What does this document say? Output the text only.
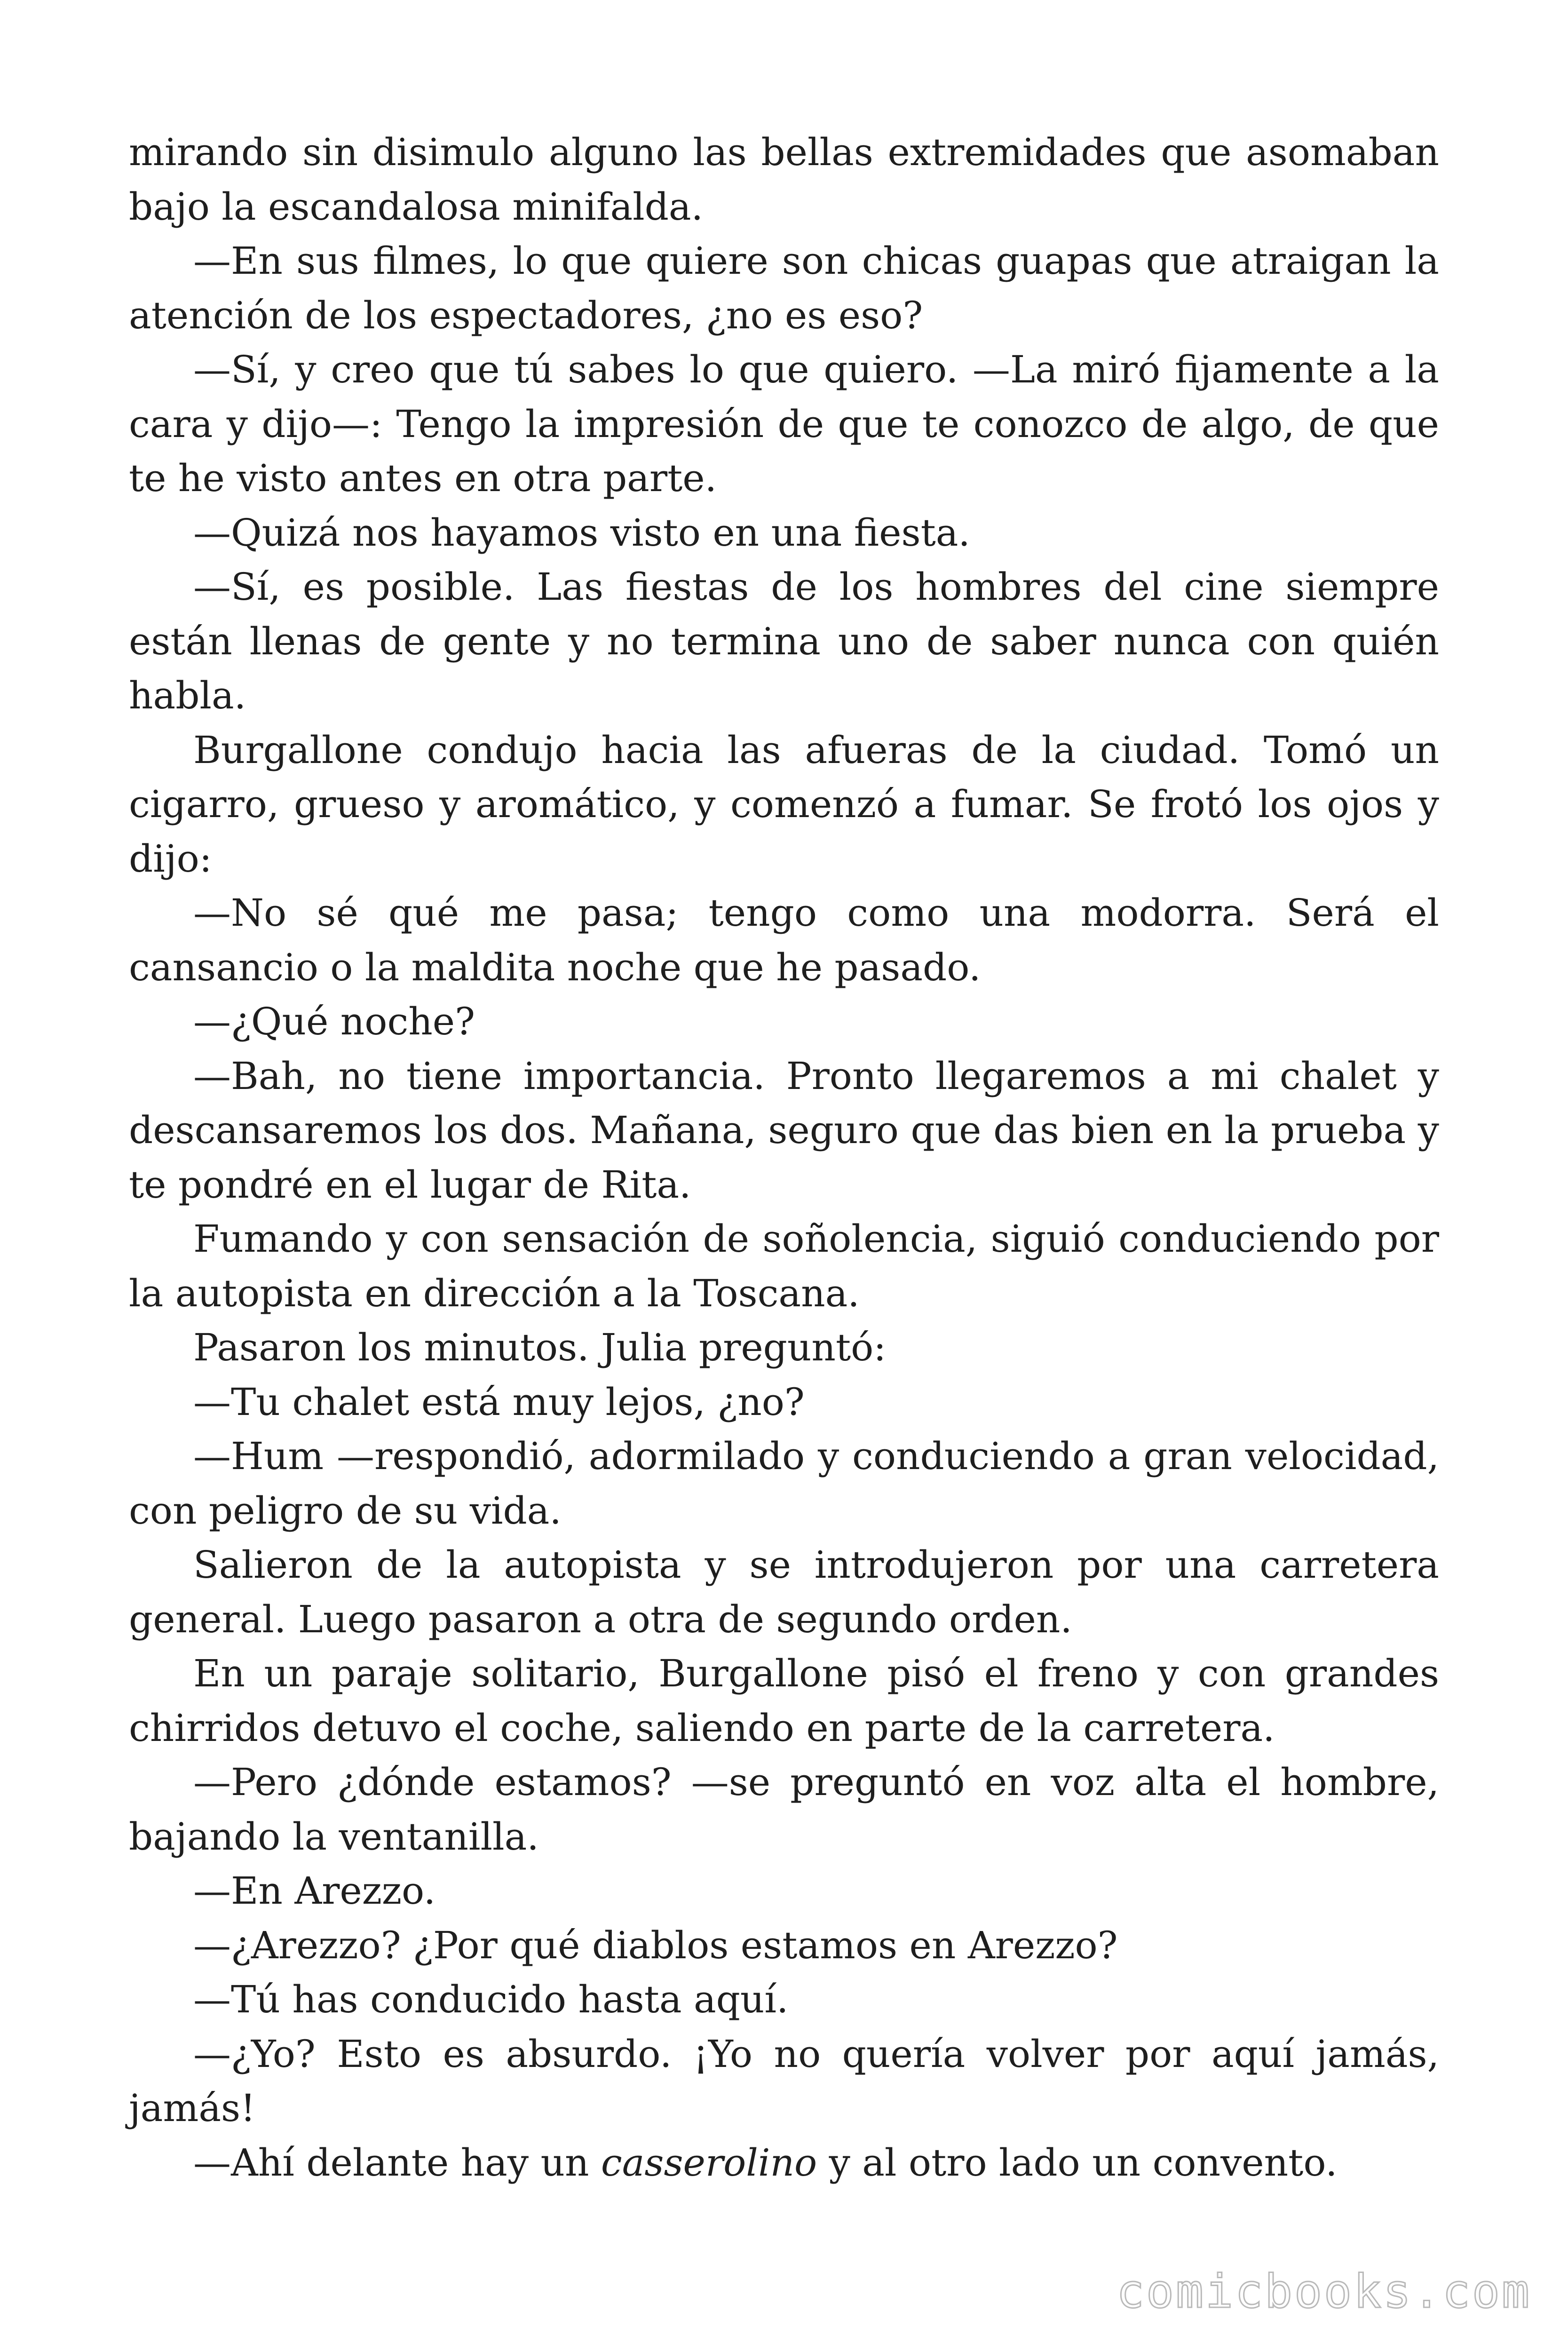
mirando sin disimulo alguno las bellas extremidades que asomaban bajo la escandalosa minifalda.

—En sus filmes, lo que quiere son chicas guapas que atraigan la atención de los espectadores, ¿no es eso?

—Sí, y creo que tú sabes lo que quiero. —La miró fijamente a la cara y dijo—: Tengo la impresión de que te conozco de algo, de que te he visto antes en otra parte.

—Quizá nos hayamos visto en una fiesta.

—Sí, es posible. Las fiestas de los hombres del cine siempre están llenas de gente y no termina uno de saber nunca con quién habla.

Burgallone condujo hacia las afueras de la ciudad. Tomó un cigarro, grueso y aromático, y comenzó a fumar. Se frotó los ojos y dijo:

—No sé qué me pasa; tengo como una modorra. Será el cansancio o la maldita noche que he pasado.

—¿Qué noche?

—Bah, no tiene importancia. Pronto llegaremos a mi chalet y descansaremos los dos. Mañana, seguro que das bien en la prueba y te pondré en el lugar de Rita.

Fumando y con sensación de soñolencia, siguió conduciendo por la autopista en dirección a la Toscana.

Pasaron los minutos. Julia preguntó:

—Tu chalet está muy lejos, ¿no?

—Hum —respondió, adormilado y conduciendo a gran velocidad, con peligro de su vida.

Salieron de la autopista y se introdujeron por una carretera general. Luego pasaron a otra de segundo orden.

En un paraje solitario, Burgallone pisó el freno y con grandes chirridos detuvo el coche, saliendo en parte de la carretera.

—Pero ¿dónde estamos? —se preguntó en voz alta el hombre, bajando la ventanilla.

—En Arezzo.

—¿Arezzo? ¿Por qué diablos estamos en Arezzo?

—Tú has conducido hasta aquí.

—¿Yo? Esto es absurdo. ¡Yo no quería volver por aquí jamás, jamás!

—Ahí delante hay un casserolino y al otro lado un convento.

comicbooks.com
